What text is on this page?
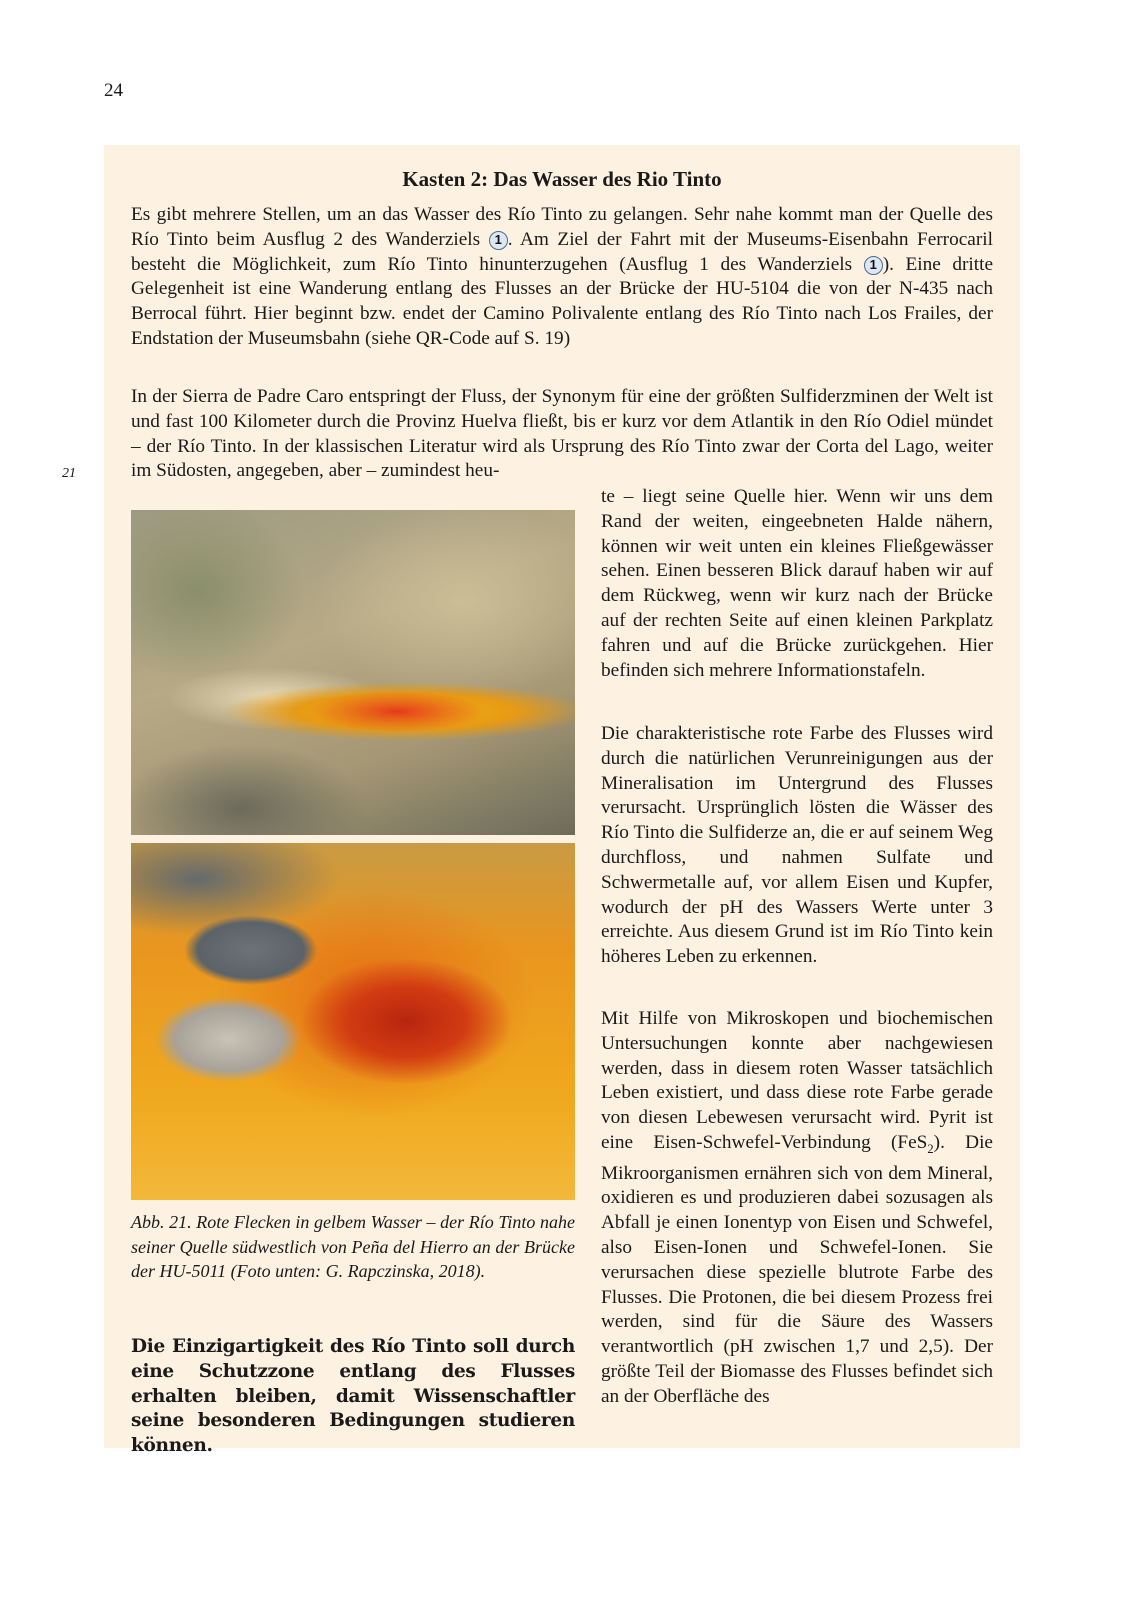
24
21
Kasten 2: Das Wasser des Rio Tinto
Es gibt mehrere Stellen, um an das Wasser des Río Tinto zu gelangen. Sehr nahe kommt man der Quelle des Río Tinto beim Ausflug 2 des Wanderziels 1 . Am Ziel der Fahrt mit der Museums-Eisenbahn Ferrocaril besteht die Möglichkeit, zum Río Tinto hinunterzugehen (Ausflug 1 des Wanderziels 1 ). Eine dritte Gelegenheit ist eine Wanderung entlang des Flusses an der Brücke der HU-5104 die von der N-435 nach Berrocal führt. Hier beginnt bzw. endet der Camino Polivalente entlang des Río Tinto nach Los Frailes, der Endstation der Museumsbahn (siehe QR-Code auf S. 19)
In der Sierra de Padre Caro entspringt der Fluss, der Synonym für eine der größten Sulfiderzminen der Welt ist und fast 100 Kilometer durch die Provinz Huelva fließt, bis er kurz vor dem Atlantik in den Río Odiel mündet – der Río Tinto. In der klassischen Literatur wird als Ursprung des Río Tinto zwar der Corta del Lago, weiter im Südosten, angegeben, aber – zumindest heu-
te – liegt seine Quelle hier. Wenn wir uns dem Rand der weiten, eingeebneten Halde nähern, können wir weit unten ein kleines Fließgewässer sehen. Einen besseren Blick darauf haben wir auf dem Rückweg, wenn wir kurz nach der Brücke auf der rechten Seite auf einen kleinen Parkplatz fahren und auf die Brücke zurückgehen. Hier befinden sich mehrere Informationstafeln.
Die charakteristische rote Farbe des Flusses wird durch die natürlichen Verunreinigungen aus der Mineralisation im Untergrund des Flusses verursacht. Ursprünglich lösten die Wässer des Río Tinto die Sulfiderze an, die er auf seinem Weg durchfloss, und nahmen Sulfate und Schwermetalle auf, vor allem Eisen und Kupfer, wodurch der pH des Wassers Werte unter 3 erreichte. Aus diesem Grund ist im Río Tinto kein höheres Leben zu erkennen.
Mit Hilfe von Mikroskopen und biochemischen Untersuchungen konnte aber nachgewiesen werden, dass in diesem roten Wasser tatsächlich Leben existiert, und dass diese rote Farbe gerade von diesen Lebewesen verursacht wird. Pyrit ist eine Eisen-Schwefel-Verbindung (FeS$_2$). Die Mikroorganismen ernähren sich von dem Mineral, oxidieren es und produzieren dabei sozusagen als Abfall je einen Ionentyp von Eisen und Schwefel, also Eisen-Ionen und Schwefel-Ionen. Sie verursachen diese spezielle blutrote Farbe des Flusses. Die Protonen, die bei diesem Prozess frei werden, sind für die Säure des Wassers verantwortlich (pH zwischen 1,7 und 2,5). Der größte Teil der Biomasse des Flusses befindet sich an der Oberfläche des
Abb. 21. Rote Flecken in gelbem Wasser – der Río Tinto nahe seiner Quelle südwestlich von Peña del Hierro an der Brücke der HU-5011 (Foto unten: G. Rapczinska, 2018).
Die Einzigartigkeit des Río Tinto soll durch eine Schutzzone entlang des Flusses erhalten bleiben, damit Wissenschaftler seine besonderen Bedingungen studieren können.
